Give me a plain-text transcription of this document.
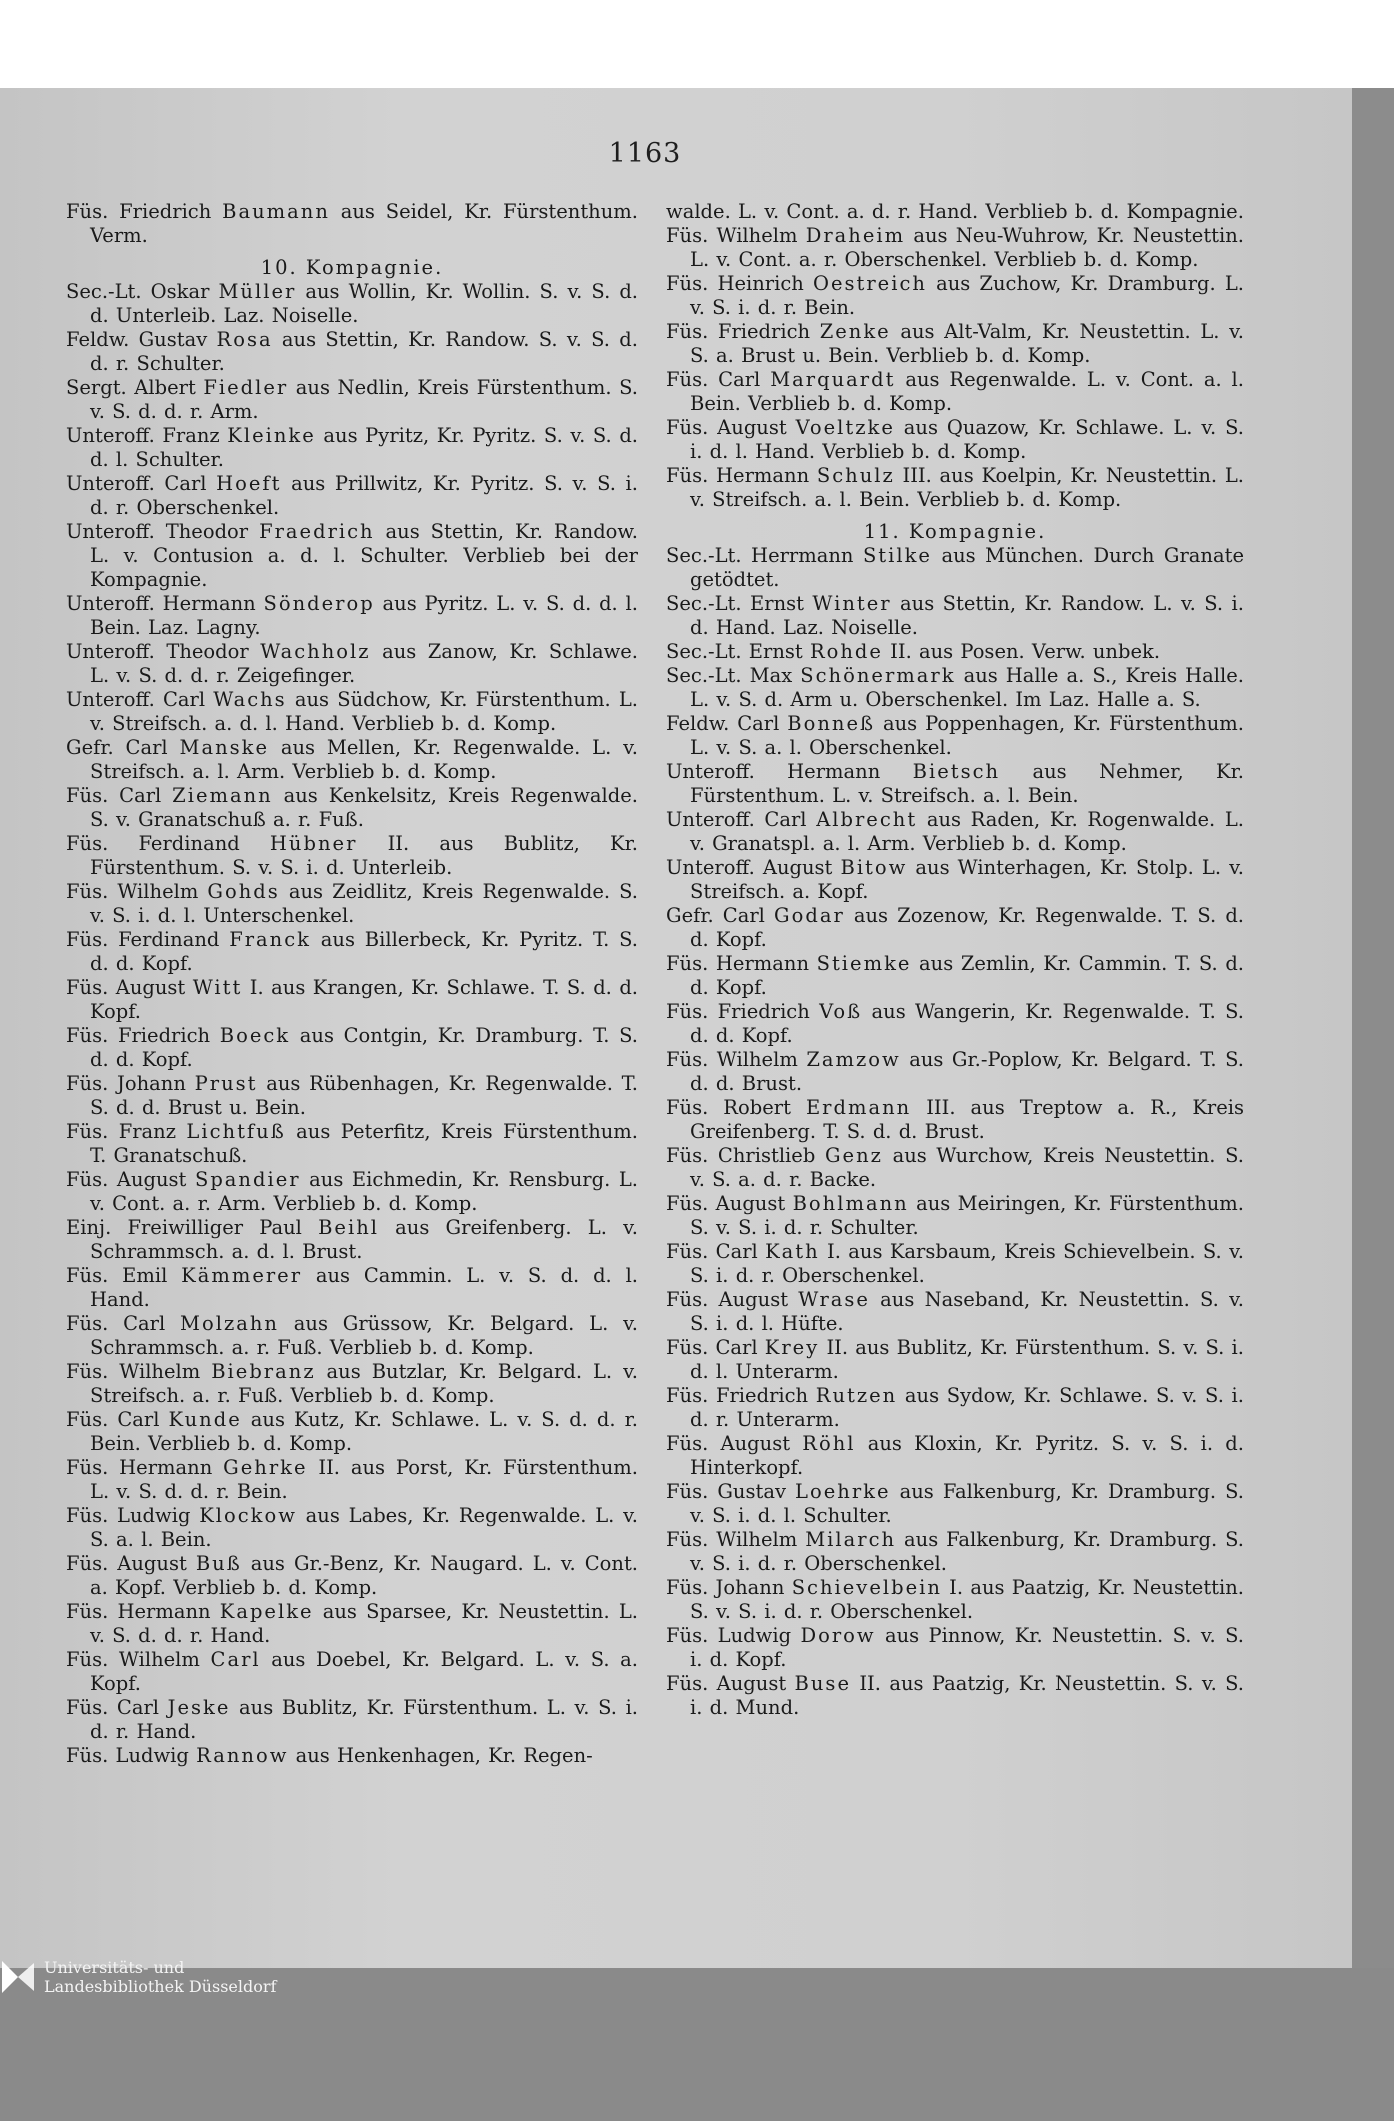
1163
Füs. Friedrich Baumann aus Seidel, Kr. Fürstenthum. Verm.
10. Kompagnie.
Sec.-Lt. Oskar Müller aus Wollin, Kr. Wollin. S. v. S. d. d. Unterleib. Laz. Noiselle.
Feldw. Gustav Rosa aus Stettin, Kr. Randow. S. v. S. d. d. r. Schulter.
Sergt. Albert Fiedler aus Nedlin, Kreis Fürstenthum. S. v. S. d. d. r. Arm.
Unteroff. Franz Kleinke aus Pyritz, Kr. Pyritz. S. v. S. d. d. l. Schulter.
Unteroff. Carl Hoeft aus Prillwitz, Kr. Pyritz. S. v. S. i. d. r. Oberschenkel.
Unteroff. Theodor Fraedrich aus Stettin, Kr. Randow. L. v. Contusion a. d. l. Schulter. Verblieb bei der Kompagnie.
Unteroff. Hermann Sönderop aus Pyritz. L. v. S. d. d. l. Bein. Laz. Lagny.
Unteroff. Theodor Wachholz aus Zanow, Kr. Schlawe. L. v. S. d. d. r. Zeigefinger.
Unteroff. Carl Wachs aus Südchow, Kr. Fürstenthum. L. v. Streifsch. a. d. l. Hand. Verblieb b. d. Komp.
Gefr. Carl Manske aus Mellen, Kr. Regenwalde. L. v. Streifsch. a. l. Arm. Verblieb b. d. Komp.
Füs. Carl Ziemann aus Kenkelsitz, Kreis Regenwalde. S. v. Granatschuß a. r. Fuß.
Füs. Ferdinand Hübner II. aus Bublitz, Kr. Fürstenthum. S. v. S. i. d. Unterleib.
Füs. Wilhelm Gohds aus Zeidlitz, Kreis Regenwalde. S. v. S. i. d. l. Unterschenkel.
Füs. Ferdinand Franck aus Billerbeck, Kr. Pyritz. T. S. d. d. Kopf.
Füs. August Witt I. aus Krangen, Kr. Schlawe. T. S. d. d. Kopf.
Füs. Friedrich Boeck aus Contgin, Kr. Dramburg. T. S. d. d. Kopf.
Füs. Johann Prust aus Rübenhagen, Kr. Regenwalde. T. S. d. d. Brust u. Bein.
Füs. Franz Lichtfuß aus Peterfitz, Kreis Fürstenthum. T. Granatschuß.
Füs. August Spandier aus Eichmedin, Kr. Rensburg. L. v. Cont. a. r. Arm. Verblieb b. d. Komp.
Einj. Freiwilliger Paul Beihl aus Greifenberg. L. v. Schrammsch. a. d. l. Brust.
Füs. Emil Kämmerer aus Cammin. L. v. S. d. d. l. Hand.
Füs. Carl Molzahn aus Grüssow, Kr. Belgard. L. v. Schrammsch. a. r. Fuß. Verblieb b. d. Komp.
Füs. Wilhelm Biebranz aus Butzlar, Kr. Belgard. L. v. Streifsch. a. r. Fuß. Verblieb b. d. Komp.
Füs. Carl Kunde aus Kutz, Kr. Schlawe. L. v. S. d. d. r. Bein. Verblieb b. d. Komp.
Füs. Hermann Gehrke II. aus Porst, Kr. Fürstenthum. L. v. S. d. d. r. Bein.
Füs. Ludwig Klockow aus Labes, Kr. Regenwalde. L. v. S. a. l. Bein.
Füs. August Buß aus Gr.-Benz, Kr. Naugard. L. v. Cont. a. Kopf. Verblieb b. d. Komp.
Füs. Hermann Kapelke aus Sparsee, Kr. Neustettin. L. v. S. d. d. r. Hand.
Füs. Wilhelm Carl aus Doebel, Kr. Belgard. L. v. S. a. Kopf.
Füs. Carl Jeske aus Bublitz, Kr. Fürstenthum. L. v. S. i. d. r. Hand.
Füs. Ludwig Rannow aus Henkenhagen, Kr. Regen-
walde. L. v. Cont. a. d. r. Hand. Verblieb b. d. Kompagnie.
Füs. Wilhelm Draheim aus Neu-Wuhrow, Kr. Neustettin. L. v. Cont. a. r. Oberschenkel. Verblieb b. d. Komp.
Füs. Heinrich Oestreich aus Zuchow, Kr. Dramburg. L. v. S. i. d. r. Bein.
Füs. Friedrich Zenke aus Alt-Valm, Kr. Neustettin. L. v. S. a. Brust u. Bein. Verblieb b. d. Komp.
Füs. Carl Marquardt aus Regenwalde. L. v. Cont. a. l. Bein. Verblieb b. d. Komp.
Füs. August Voeltzke aus Quazow, Kr. Schlawe. L. v. S. i. d. l. Hand. Verblieb b. d. Komp.
Füs. Hermann Schulz III. aus Koelpin, Kr. Neustettin. L. v. Streifsch. a. l. Bein. Verblieb b. d. Komp.
11. Kompagnie.
Sec.-Lt. Herrmann Stilke aus München. Durch Granate getödtet.
Sec.-Lt. Ernst Winter aus Stettin, Kr. Randow. L. v. S. i. d. Hand. Laz. Noiselle.
Sec.-Lt. Ernst Rohde II. aus Posen. Verw. unbek.
Sec.-Lt. Max Schönermark aus Halle a. S., Kreis Halle. L. v. S. d. Arm u. Oberschenkel. Im Laz. Halle a. S.
Feldw. Carl Bonneß aus Poppenhagen, Kr. Fürstenthum. L. v. S. a. l. Oberschenkel.
Unteroff. Hermann Bietsch aus Nehmer, Kr. Fürstenthum. L. v. Streifsch. a. l. Bein.
Unteroff. Carl Albrecht aus Raden, Kr. Rogenwalde. L. v. Granatspl. a. l. Arm. Verblieb b. d. Komp.
Unteroff. August Bitow aus Winterhagen, Kr. Stolp. L. v. Streifsch. a. Kopf.
Gefr. Carl Godar aus Zozenow, Kr. Regenwalde. T. S. d. d. Kopf.
Füs. Hermann Stiemke aus Zemlin, Kr. Cammin. T. S. d. d. Kopf.
Füs. Friedrich Voß aus Wangerin, Kr. Regenwalde. T. S. d. d. Kopf.
Füs. Wilhelm Zamzow aus Gr.-Poplow, Kr. Belgard. T. S. d. d. Brust.
Füs. Robert Erdmann III. aus Treptow a. R., Kreis Greifenberg. T. S. d. d. Brust.
Füs. Christlieb Genz aus Wurchow, Kreis Neustettin. S. v. S. a. d. r. Backe.
Füs. August Bohlmann aus Meiringen, Kr. Fürstenthum. S. v. S. i. d. r. Schulter.
Füs. Carl Kath I. aus Karsbaum, Kreis Schievelbein. S. v. S. i. d. r. Oberschenkel.
Füs. August Wrase aus Naseband, Kr. Neustettin. S. v. S. i. d. l. Hüfte.
Füs. Carl Krey II. aus Bublitz, Kr. Fürstenthum. S. v. S. i. d. l. Unterarm.
Füs. Friedrich Rutzen aus Sydow, Kr. Schlawe. S. v. S. i. d. r. Unterarm.
Füs. August Röhl aus Kloxin, Kr. Pyritz. S. v. S. i. d. Hinterkopf.
Füs. Gustav Loehrke aus Falkenburg, Kr. Dramburg. S. v. S. i. d. l. Schulter.
Füs. Wilhelm Milarch aus Falkenburg, Kr. Dramburg. S. v. S. i. d. r. Oberschenkel.
Füs. Johann Schievelbein I. aus Paatzig, Kr. Neustettin. S. v. S. i. d. r. Oberschenkel.
Füs. Ludwig Dorow aus Pinnow, Kr. Neustettin. S. v. S. i. d. Kopf.
Füs. August Buse II. aus Paatzig, Kr. Neustettin. S. v. S. i. d. Mund.
Universitäts- und
Landesbibliothek Düsseldorf
